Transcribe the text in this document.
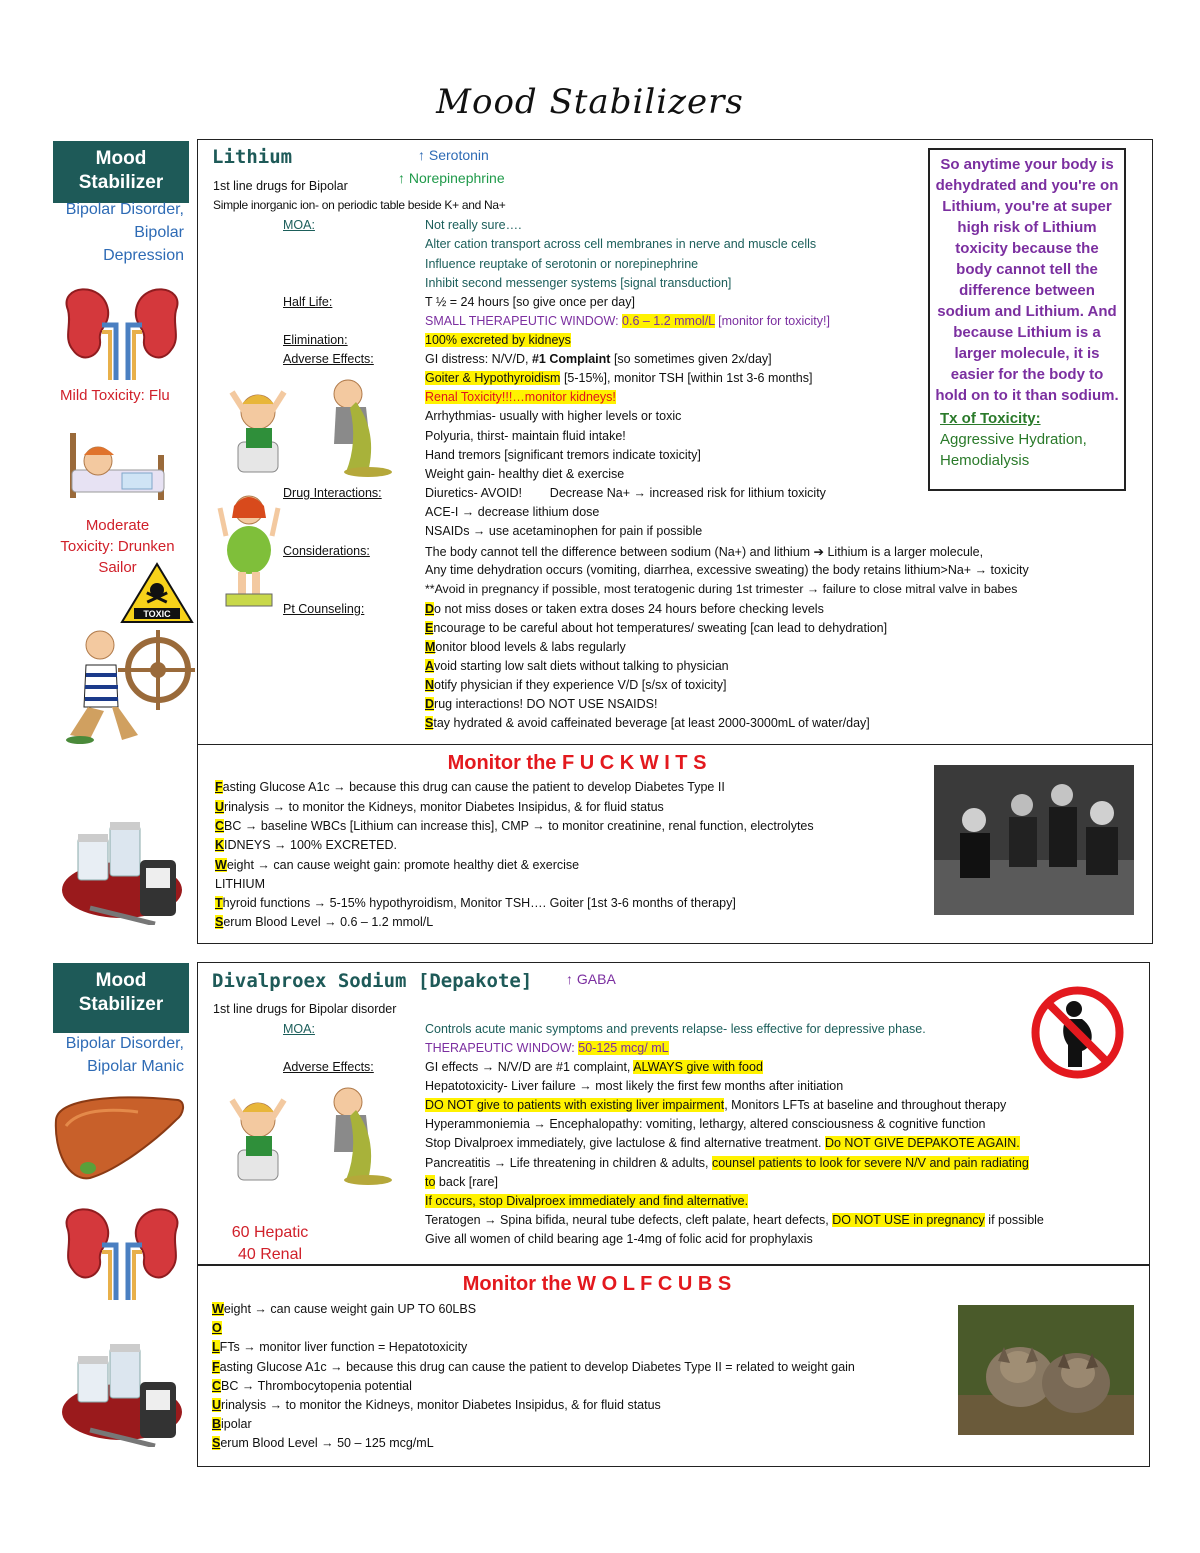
Mood Stabilizers
Mood
Stabilizer
Bipolar Disorder,
Bipolar
Depression
Mild Toxicity: Flu
Moderate
Toxicity: Drunken
Sailor
TOXIC
Lithium	↑ Serotonin
↑ Norepinephrine
1st line drugs for Bipolar
Simple inorganic ion- on periodic table beside K+ and Na+
MOA:
Half Life:
Elimination:
Adverse Effects:
Drug Interactions:
Considerations:
Pt Counseling:
Not really sure….
Alter cation transport across cell membranes in nerve and muscle cells
Influence reuptake of serotonin or norepinephrine
Inhibit second messenger systems [signal transduction]
T ½ = 24 hours [so give once per day]
SMALL THERAPEUTIC WINDOW: 0.6 – 1.2 mmol/L [monitor for toxicity!]
100% excreted by kidneys
GI distress: N/V/D, #1 Complaint [so sometimes given 2x/day]
Goiter & Hypothyroidism [5-15%], monitor TSH [within 1st 3-6 months]
Renal Toxicity!!!…monitor kidneys!
Arrhythmias- usually with higher levels or toxic
Polyuria, thirst- maintain fluid intake!
Hand tremors [significant tremors indicate toxicity]
Weight gain- healthy diet & exercise
Diuretics- AVOID!        Decrease Na+ → increased risk for lithium toxicity
ACE-I → decrease lithium dose
NSAIDs → use acetaminophen for pain if possible
The body cannot tell the difference between sodium (Na+) and lithium ➔ Lithium is a larger molecule,
Any time dehydration occurs (vomiting, diarrhea, excessive sweating) the body retains lithium>Na+ → toxicity
**Avoid in pregnancy if possible, most teratogenic during 1st trimester → failure to close mitral valve in babes
Do not miss doses or taken extra doses 24 hours before checking levels
Encourage to be careful about hot temperatures/ sweating [can lead to dehydration]
Monitor blood levels & labs regularly
Avoid starting low salt diets without talking to physician
Notify physician if they experience V/D [s/sx of toxicity]
Drug interactions! DO NOT USE NSAIDS!
Stay hydrated & avoid caffeinated beverage [at least 2000-3000mL of water/day]
So anytime your body is
dehydrated and you're on
Lithium, you're at super
high risk of Lithium
toxicity because the
body cannot tell the
difference between
sodium and Lithium. And
because Lithium is a
larger molecule, it is
easier for the body to
hold on to it than sodium.
Tx of Toxicity:
Aggressive Hydration,
Hemodialysis
Monitor the F U C K W I T S
Fasting Glucose A1c → because this drug can cause the patient to develop Diabetes Type II
Urinalysis → to monitor the Kidneys, monitor Diabetes Insipidus, & for fluid status
CBC → baseline WBCs [Lithium can increase this], CMP → to monitor creatinine, renal function, electrolytes
KIDNEYS → 100% EXCRETED.
Weight → can cause weight gain: promote healthy diet & exercise
LITHIUM
Thyroid functions → 5-15% hypothyroidism, Monitor TSH…. Goiter [1st 3-6 months of therapy]
Serum Blood Level → 0.6 – 1.2 mmol/L
Mood
Stabilizer
Bipolar Disorder,
Bipolar Manic
60 Hepatic
40 Renal
Divalproex Sodium [Depakote] ↑ GABA
1st line drugs for Bipolar disorder
MOA:
Adverse Effects:
Controls acute manic symptoms and prevents relapse- less effective for depressive phase.
THERAPEUTIC WINDOW: 50-125 mcg/ mL
GI effects → N/V/D are #1 complaint, ALWAYS give with food
Hepatotoxicity- Liver failure → most likely the first few months after initiation
DO NOT give to patients with existing liver impairment, Monitors LFTs at baseline and throughout therapy
Hyperammoniemia → Encephalopathy: vomiting, lethargy, altered consciousness & cognitive function
Stop Divalproex immediately, give lactulose & find alternative treatment. Do NOT GIVE DEPAKOTE AGAIN.
Pancreatitis → Life threatening in children & adults, counsel patients to look for severe N/V and pain radiating
to back [rare]
If occurs, stop Divalproex immediately and find alternative.
Teratogen → Spina bifida, neural tube defects, cleft palate, heart defects, DO NOT USE in pregnancy if possible
Give all women of child bearing age 1-4mg of folic acid for prophylaxis
Monitor the W O L F C U B S
Weight → can cause weight gain UP TO 60LBS
O
LFTs → monitor liver function = Hepatotoxicity
Fasting Glucose A1c → because this drug can cause the patient to develop Diabetes Type II = related to weight gain
CBC → Thrombocytopenia potential
Urinalysis → to monitor the Kidneys, monitor Diabetes Insipidus, & for fluid status
Bipolar
Serum Blood Level → 50 – 125 mcg/mL
